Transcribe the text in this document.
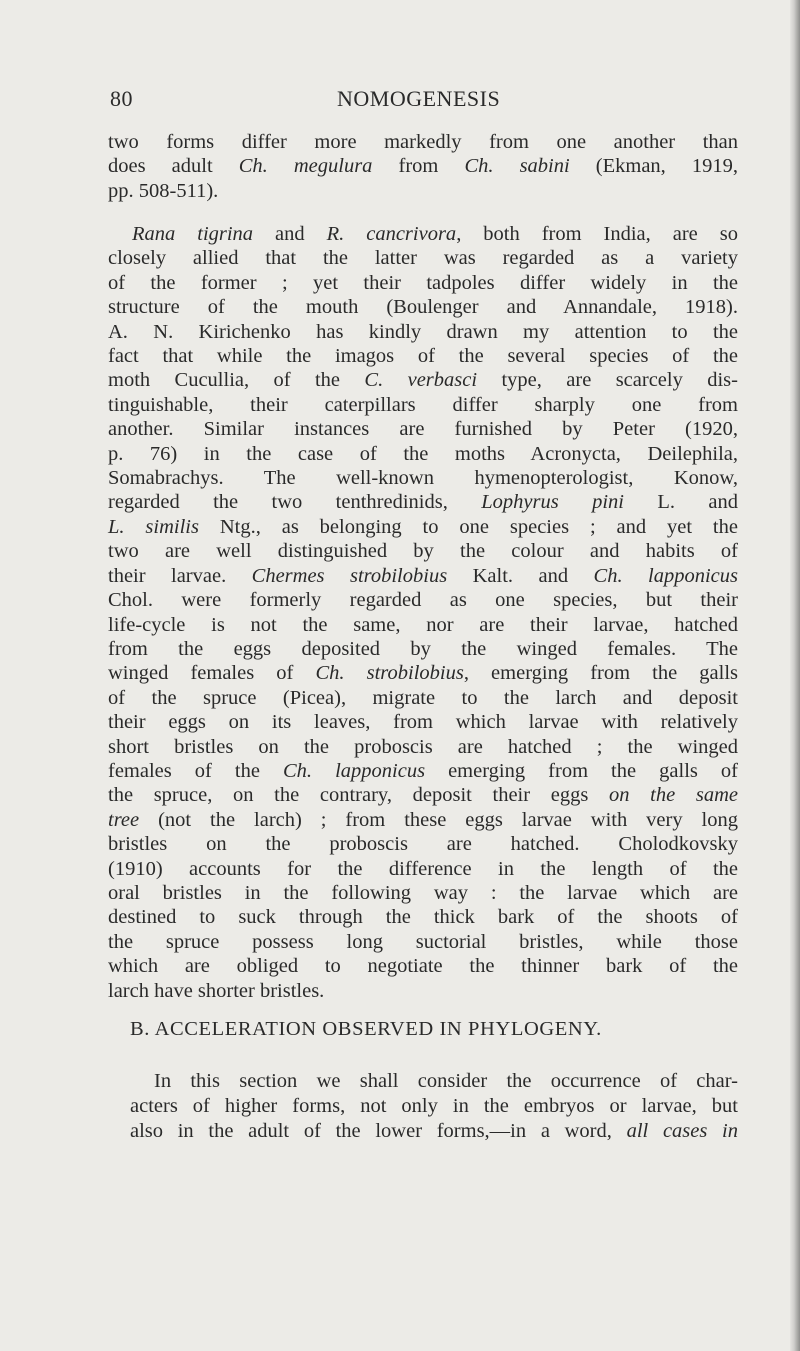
80	NOMOGENESIS
two forms differ more markedly from one another than
does adult Ch. megulura from Ch. sabini (Ekman, 1919,
pp. 508-511).
Rana tigrina and R. cancrivora, both from India, are so
closely allied that the latter was regarded as a variety
of the former ; yet their tadpoles differ widely in the
structure of the mouth (Boulenger and Annandale, 1918).
A. N. Kirichenko has kindly drawn my attention to the
fact that while the imagos of the several species of the
moth Cucullia, of the C. verbasci type, are scarcely dis-
tinguishable, their caterpillars differ sharply one from
another. Similar instances are furnished by Peter (1920,
p. 76) in the case of the moths Acronycta, Deilephila,
Somabrachys. The well-known hymenopterologist, Konow,
regarded the two tenthredinids, Lophyrus pini L. and
L. similis Ntg., as belonging to one species ; and yet the
two are well distinguished by the colour and habits of
their larvae. Chermes strobilobius Kalt. and Ch. lapponicus
Chol. were formerly regarded as one species, but their
life-cycle is not the same, nor are their larvae, hatched
from the eggs deposited by the winged females. The
winged females of Ch. strobilobius, emerging from the galls
of the spruce (Picea), migrate to the larch and deposit
their eggs on its leaves, from which larvae with relatively
short bristles on the proboscis are hatched ; the winged
females of the Ch. lapponicus emerging from the galls of
the spruce, on the contrary, deposit their eggs on the same
tree (not the larch) ; from these eggs larvae with very long
bristles on the proboscis are hatched. Cholodkovsky
(1910) accounts for the difference in the length of the
oral bristles in the following way : the larvae which are
destined to suck through the thick bark of the shoots of
the spruce possess long suctorial bristles, while those
which are obliged to negotiate the thinner bark of the
larch have shorter bristles.
B. ACCELERATION OBSERVED IN PHYLOGENY.
In this section we shall consider the occurrence of char-
acters of higher forms, not only in the embryos or larvae, but
also in the adult of the lower forms,—in a word, all cases in
